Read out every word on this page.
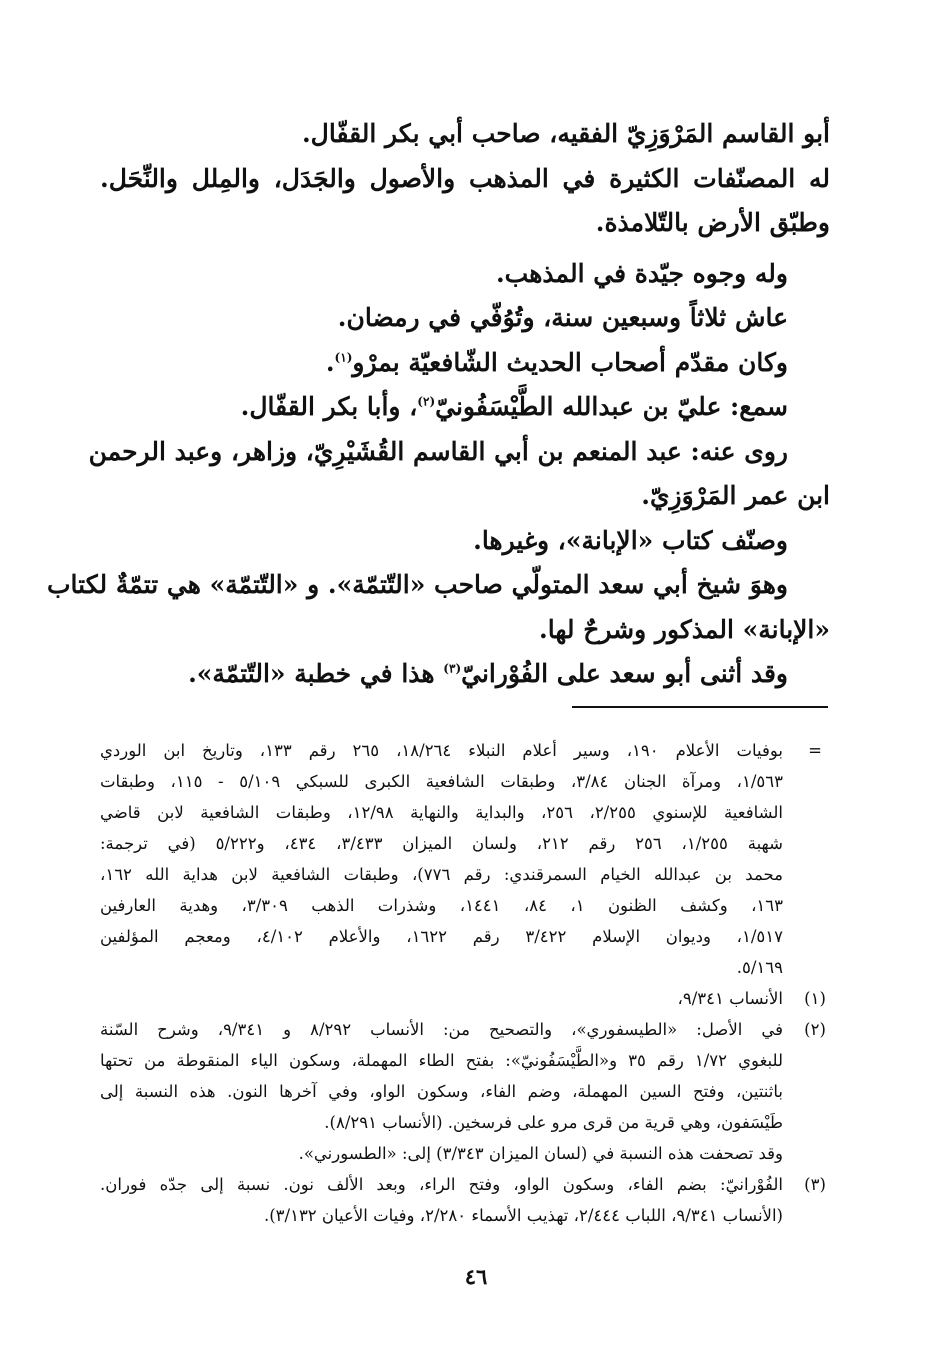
أبو القاسم المَرْوَزِيّ الفقيه، صاحب أبي بكر القفّال.

له المصنّفات الكثيرة في المذهب والأصول والجَدَل، والمِلل والنِّحَل.

وطبّق الأرض بالتّلامذة.

وله وجوه جيّدة في المذهب.

عاش ثلاثاً وسبعين سنة، وتُوُفّي في رمضان.

وكان مقدّم أصحاب الحديث الشّافعيّة بمرْو$^{(١)}$.

سمع: عليّ بن عبدالله الطَّيْسَفُونيّ$^{(٢)}$، وأبا بكر القفّال.

روى عنه: عبد المنعم بن أبي القاسم القُشَيْرِيّ، وزاهر، وعبد الرحمن

ابن عمر المَرْوَزِيّ.

وصنّف كتاب «الإبانة»، وغيرها.

وهوَ شيخ أبي سعد المتولّي صاحب «التّتمّة». و «التّتمّة» هي تتمّةٌ لكتاب

«الإبانة» المذكور وشرحٌ لها.

وقد أثنى أبو سعد على الفُوْرانيّ$^{(٣)}$ هذا في خطبة «التّتمّة».

=

بوفيات الأعلام ١٩٠، وسير أعلام النبلاء ١٨/٢٦٤، ٢٦٥ رقم ١٣٣، وتاريخ ابن الوردي

١/٥٦٣، ومرآة الجنان ٣/٨٤، وطبقات الشافعية الكبرى للسبكي ٥/١٠٩ - ١١٥، وطبقات

الشافعية للإسنوي ٢/٢٥٥، ٢٥٦، والبداية والنهاية ١٢/٩٨، وطبقات الشافعية لابن قاضي

شهبة ١/٢٥٥، ٢٥٦ رقم ٢١٢، ولسان الميزان ٣/٤٣٣، ٤٣٤، و٥/٢٢٢ (في ترجمة:

محمد بن عبدالله الخيام السمرقندي: رقم ٧٧٦)، وطبقات الشافعية لابن هداية الله ١٦٢،

١٦٣، وكشف الظنون ١، ٨٤، ١٤٤١، وشذرات الذهب ٣/٣٠٩، وهدية العارفين

١/٥١٧، وديوان الإسلام ٣/٤٢٢ رقم ١٦٢٢، والأعلام ٤/١٠٢، ومعجم المؤلفين

٥/١٦٩.

(١)

الأنساب ٩/٣٤١،

(٢)

في الأصل: «الطيسفوري»، والتصحيح من: الأنساب ٨/٢٩٢ و ٩/٣٤١، وشرح السّنة

للبغوي ١/٧٢ رقم ٣٥ و«الطَّيْسَفُونيّ»: بفتح الطاء المهملة، وسكون الياء المنقوطة من تحتها

باثنتين، وفتح السين المهملة، وضم الفاء، وسكون الواو، وفي آخرها النون. هذه النسبة إلى

طَيْسَفون، وهي قرية من قرى مرو على فرسخين. (الأنساب ٨/٢٩١).

وقد تصحفت هذه النسبة في (لسان الميزان ٣/٣٤٣) إلى: «الطسورني».

(٣)

الفُوْرانيّ: بضم الفاء، وسكون الواو، وفتح الراء، وبعد الألف نون. نسبة إلى جدّه فوران.

(الأنساب ٩/٣٤١، اللباب ٢/٤٤٤، تهذيب الأسماء ٢/٢٨٠، وفيات الأعيان ٣/١٣٢).

٤٦
